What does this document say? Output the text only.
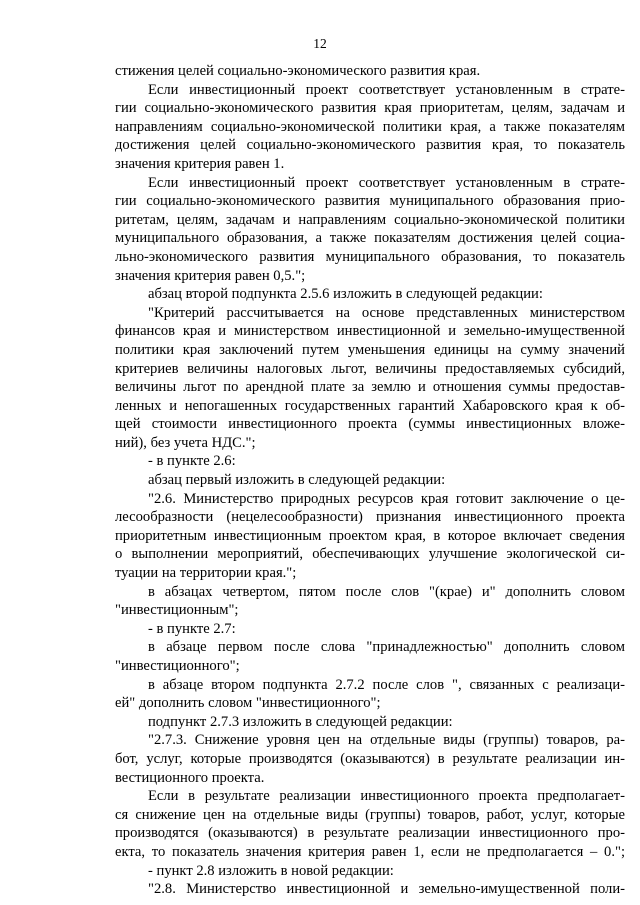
12
стижения целей социально-экономического развития края.
Если инвестиционный проект соответствует установленным в страте-
гии социально-экономического развития края приоритетам, целям, задачам и
направлениям социально-экономической политики края, а также показателям
достижения целей социально-экономического развития края, то показатель
значения критерия равен 1.
Если инвестиционный проект соответствует установленным в страте-
гии социально-экономического развития муниципального образования прио-
ритетам, целям, задачам и направлениям социально-экономической политики
муниципального образования, а также показателям достижения целей социа-
льно-экономического развития муниципального образования, то показатель
значения критерия равен 0,5.";
абзац второй подпункта 2.5.6 изложить в следующей редакции:
"Критерий рассчитывается на основе представленных министерством
финансов края и министерством инвестиционной и земельно-имущественной
политики края заключений путем уменьшения единицы на сумму значений
критериев величины налоговых льгот, величины предоставляемых субсидий,
величины льгот по арендной плате за землю и отношения суммы предостав-
ленных и непогашенных государственных гарантий Хабаровского края к об-
щей стоимости инвестиционного проекта (суммы инвестиционных вложе-
ний), без учета НДС.";
- в пункте 2.6:
абзац первый изложить в следующей редакции:
"2.6. Министерство природных ресурсов края готовит заключение о це-
лесообразности (нецелесообразности) признания инвестиционного проекта
приоритетным инвестиционным проектом края, в которое включает сведения
о выполнении мероприятий, обеспечивающих улучшение экологической си-
туации на территории края.";
в абзацах четвертом, пятом после слов "(крае) и" дополнить словом
"инвестиционным";
- в пункте 2.7:
в абзаце первом после слова "принадлежностью" дополнить словом
"инвестиционного";
в абзаце втором подпункта 2.7.2 после слов ", связанных с реализаци-
ей" дополнить словом "инвестиционного";
подпункт 2.7.3 изложить в следующей редакции:
"2.7.3. Снижение уровня цен на отдельные виды (группы) товаров, ра-
бот, услуг, которые производятся (оказываются) в результате реализации ин-
вестиционного проекта.
Если в результате реализации инвестиционного проекта предполагает-
ся снижение цен на отдельные виды (группы) товаров, работ, услуг, которые
производятся (оказываются) в результате реализации инвестиционного про-
екта, то показатель значения критерия равен 1, если не предполагается – 0.";
- пункт 2.8 изложить в новой редакции:
"2.8. Министерство инвестиционной и земельно-имущественной поли-
